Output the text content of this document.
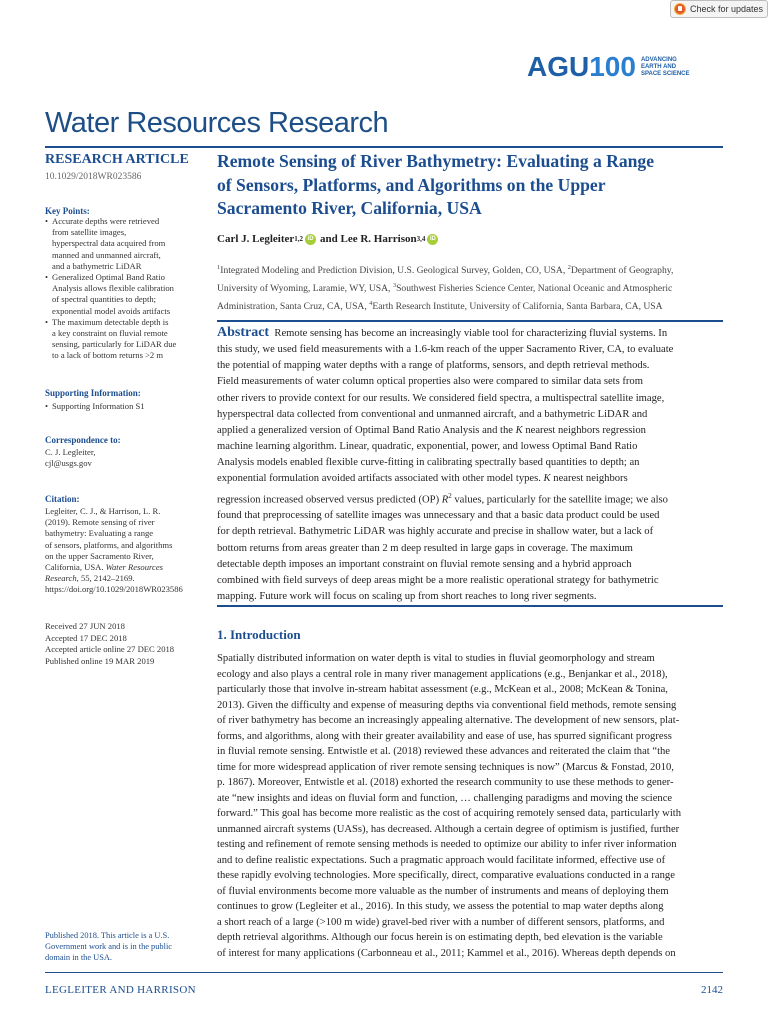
Check for updates
AGU100 ADVANCING
EARTH AND
SPACE SCIENCE
Water Resources Research
RESEARCH ARTICLE
10.1029/2018WR023586
Key Points:
• Accurate depths were retrieved
from satellite images,
hyperspectral data acquired from
manned and unmanned aircraft,
and a bathymetric LiDAR
• Generalized Optimal Band Ratio
Analysis allows flexible calibration
of spectral quantities to depth;
exponential model avoids artifacts
• The maximum detectable depth is
a key constraint on fluvial remote
sensing, particularly for LiDAR due
to a lack of bottom returns >2 m
Supporting Information:
• Supporting Information S1
Correspondence to:
C. J. Legleiter,
cjl@usgs.gov
Citation:
Legleiter, C. J., & Harrison, L. R.
(2019). Remote sensing of river
bathymetry: Evaluating a range
of sensors, platforms, and algorithms
on the upper Sacramento River,
California, USA. Water Resources
Research, 55, 2142–2169.
https://doi.org/10.1029/2018WR023586
Received 27 JUN 2018
Accepted 17 DEC 2018
Accepted article online 27 DEC 2018
Published online 19 MAR 2019
Remote Sensing of River Bathymetry: Evaluating a Range
of Sensors, Platforms, and Algorithms on the Upper
Sacramento River, California, USA
Carl J. Legleiter 1,2 iD and Lee R. Harrison 3,4 iD
$^1$Integrated Modeling and Prediction Division, U.S. Geological Survey, Golden, CO, USA, $^2$Department of Geography,
University of Wyoming, Laramie, WY, USA, $^3$Southwest Fisheries Science Center, National Oceanic and Atmospheric
Administration, Santa Cruz, CA, USA, $^4$Earth Research Institute, University of California, Santa Barbara, CA, USA
Abstract Remote sensing has become an increasingly viable tool for characterizing fluvial systems. In
this study, we used field measurements with a 1.6-km reach of the upper Sacramento River, CA, to evaluate
the potential of mapping water depths with a range of platforms, sensors, and depth retrieval methods.
Field measurements of water column optical properties also were compared to similar data sets from
other rivers to provide context for our results. We considered field spectra, a multispectral satellite image,
hyperspectral data collected from conventional and unmanned aircraft, and a bathymetric LiDAR and
applied a generalized version of Optimal Band Ratio Analysis and the K nearest neighbors regression
machine learning algorithm. Linear, quadratic, exponential, power, and lowess Optimal Band Ratio
Analysis models enabled flexible curve-fitting in calibrating spectrally based quantities to depth; an
exponential formulation avoided artifacts associated with other model types. K nearest neighbors
regression increased observed versus predicted (OP) $R^2$ values, particularly for the satellite image; we also
found that preprocessing of satellite images was unnecessary and that a basic data product could be used
for depth retrieval. Bathymetric LiDAR was highly accurate and precise in shallow water, but a lack of
bottom returns from areas greater than 2 m deep resulted in large gaps in coverage. The maximum
detectable depth imposes an important constraint on fluvial remote sensing and a hybrid approach
combined with field surveys of deep areas might be a more realistic operational strategy for bathymetric
mapping. Future work will focus on scaling up from short reaches to long river segments.
1. Introduction
Spatially distributed information on water depth is vital to studies in fluvial geomorphology and stream
ecology and also plays a central role in many river management applications (e.g., Benjankar et al., 2018),
particularly those that involve in-stream habitat assessment (e.g., McKean et al., 2008; McKean & Tonina,
2013). Given the difficulty and expense of measuring depths via conventional field methods, remote sensing
of river bathymetry has become an increasingly appealing alternative. The development of new sensors, plat-
forms, and algorithms, along with their greater availability and ease of use, has spurred significant progress
in fluvial remote sensing. Entwistle et al. (2018) reviewed these advances and reiterated the claim that “the
time for more widespread application of river remote sensing techniques is now” (Marcus & Fonstad, 2010,
p. 1867). Moreover, Entwistle et al. (2018) exhorted the research community to use these methods to gener-
ate “new insights and ideas on fluvial form and function, … challenging paradigms and moving the science
forward.” This goal has become more realistic as the cost of acquiring remotely sensed data, particularly with
unmanned aircraft systems (UASs), has decreased. Although a certain degree of optimism is justified, further
testing and refinement of remote sensing methods is needed to optimize our ability to infer river information
and to define realistic expectations. Such a pragmatic approach would facilitate informed, effective use of
these rapidly evolving technologies. More specifically, direct, comparative evaluations conducted in a range
of fluvial environments become more valuable as the number of instruments and means of deploying them
continues to grow (Legleiter et al., 2016). In this study, we assess the potential to map water depths along
a short reach of a large (>100 m wide) gravel-bed river with a number of different sensors, platforms, and
depth retrieval algorithms. Although our focus herein is on estimating depth, bed elevation is the variable
of interest for many applications (Carbonneau et al., 2011; Kammel et al., 2016). Whereas depth depends on
Published 2018. This article is a U.S.
Government work and is in the public
domain in the USA.
LEGLEITER AND HARRISON	2142
